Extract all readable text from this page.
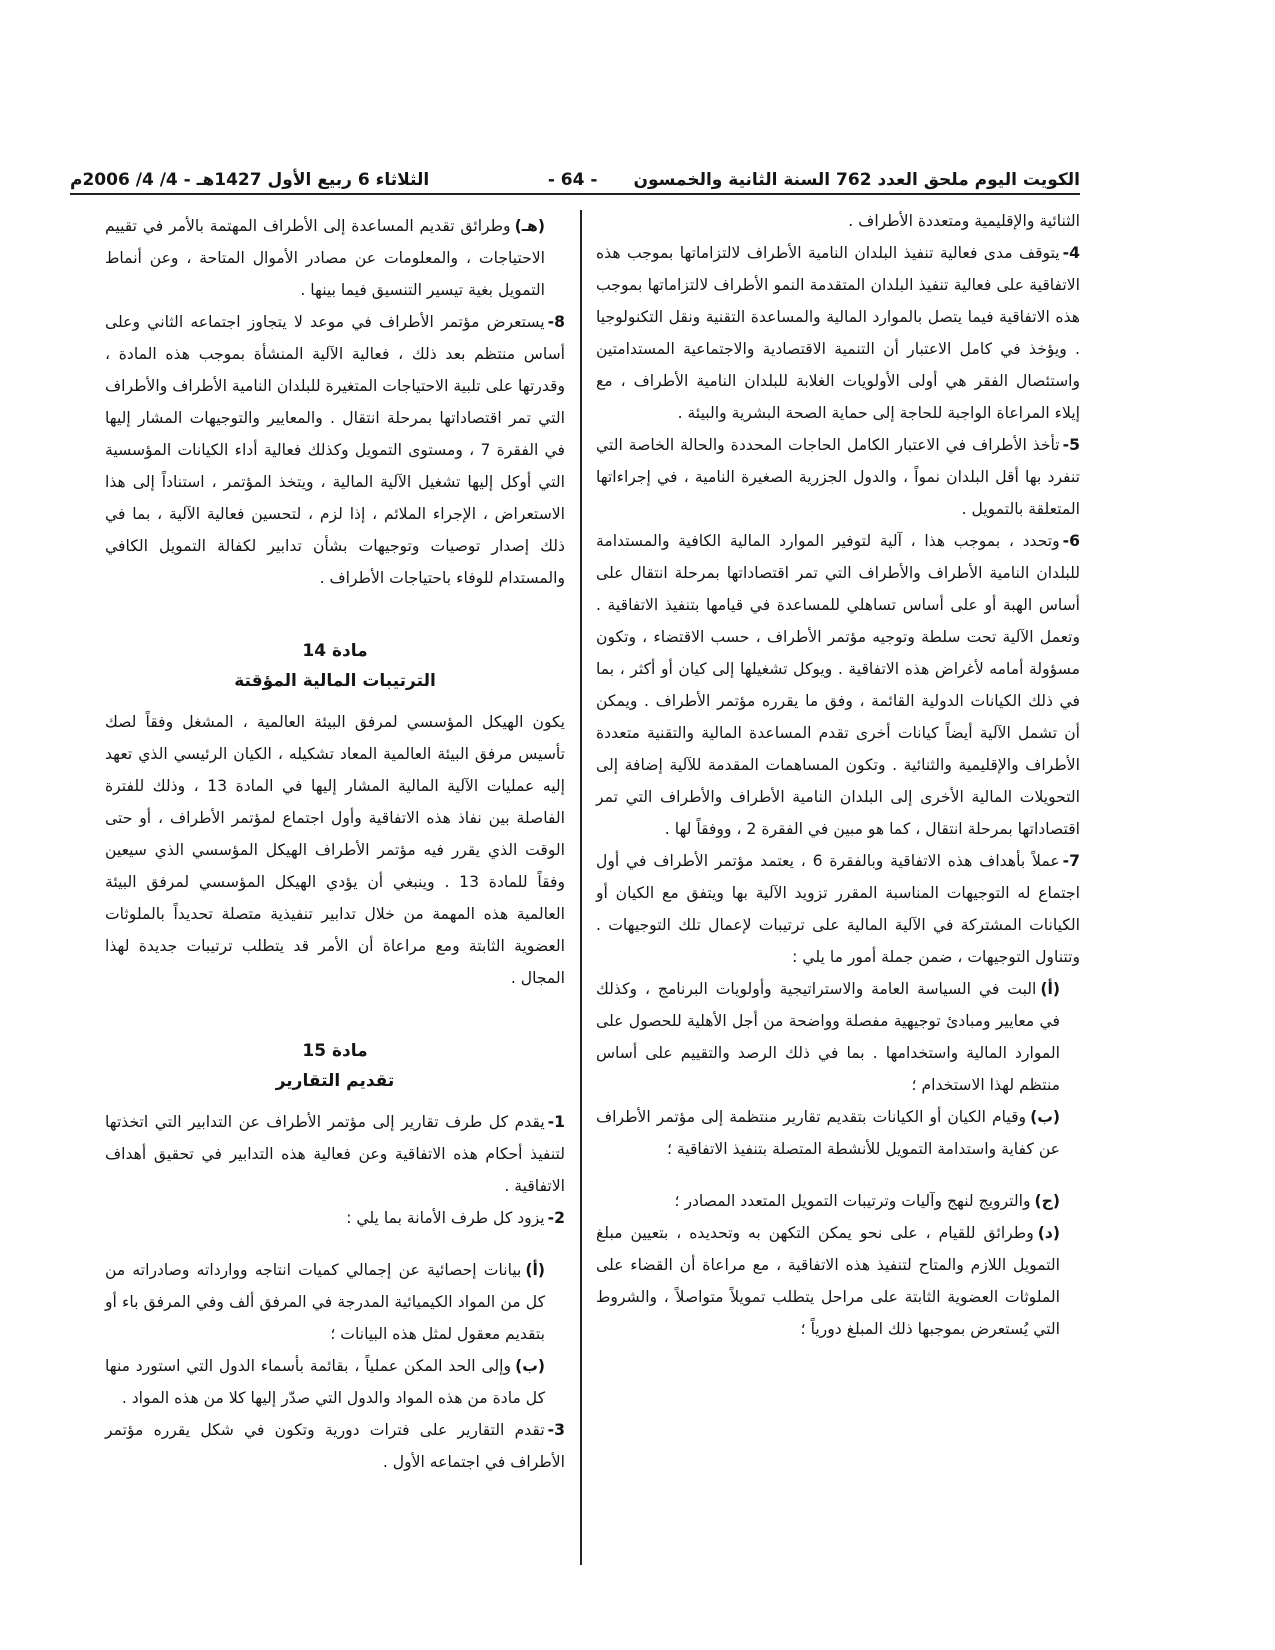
الكويت اليوم ملحق العدد 762 السنة الثانية والخمسون
- 64 -
الثلاثاء 6 ربيع الأول 1427هـ - 4/ 4/ 2006م

الثنائية والإقليمية ومتعددة الأطراف .

4-يتوقف مدى فعالية تنفيذ البلدان النامية الأطراف لالتزاماتها بموجب هذه الاتفاقية على فعالية تنفيذ البلدان المتقدمة النمو الأطراف لالتزاماتها بموجب هذه الاتفاقية فيما يتصل بالموارد المالية والمساعدة التقنية ونقل التكنولوجيا . ويؤخذ في كامل الاعتبار أن التنمية الاقتصادية والاجتماعية المستدامتين واستئصال الفقر هي أولى الأولويات الغلابة للبلدان النامية الأطراف ، مع إيلاء المراعاة الواجبة للحاجة إلى حماية الصحة البشرية والبيئة .

5-تأخذ الأطراف في الاعتبار الكامل الحاجات المحددة والحالة الخاصة التي تنفرد بها أقل البلدان نمواً ، والدول الجزرية الصغيرة النامية ، في إجراءاتها المتعلقة بالتمويل .

6-وتحدد ، بموجب هذا ، آلية لتوفير الموارد المالية الكافية والمستدامة للبلدان النامية الأطراف والأطراف التي تمر اقتصاداتها بمرحلة انتقال على أساس الهبة أو على أساس تساهلي للمساعدة في قيامها بتنفيذ الاتفاقية . وتعمل الآلية تحت سلطة وتوجيه مؤتمر الأطراف ، حسب الاقتضاء ، وتكون مسؤولة أمامه لأغراض هذه الاتفاقية . ويوكل تشغيلها إلى كيان أو أكثر ، بما في ذلك الكيانات الدولية القائمة ، وفق ما يقرره مؤتمر الأطراف . ويمكن أن تشمل الآلية أيضاً كيانات أخرى تقدم المساعدة المالية والتقنية متعددة الأطراف والإقليمية والثنائية . وتكون المساهمات المقدمة للآلية إضافة إلى التحويلات المالية الأخرى إلى البلدان النامية الأطراف والأطراف التي تمر اقتصاداتها بمرحلة انتقال ، كما هو مبين في الفقرة 2 ، ووفقاً لها .

7-عملاً بأهداف هذه الاتفاقية وبالفقرة 6 ، يعتمد مؤتمر الأطراف في أول اجتماع له التوجيهات المناسبة المقرر تزويد الآلية بها ويتفق مع الكيان أو الكيانات المشتركة في الآلية المالية على ترتيبات لإعمال تلك التوجيهات . وتتناول التوجيهات ، ضمن جملة أمور ما يلي :

(أ)البت في السياسة العامة والاستراتيجية وأولويات البرنامج ، وكذلك في معايير ومبادئ توجيهية مفصلة وواضحة من أجل الأهلية للحصول على الموارد المالية واستخدامها . بما في ذلك الرصد والتقييم على أساس منتظم لهذا الاستخدام ؛

(ب)وقيام الكيان أو الكيانات بتقديم تقارير منتظمة إلى مؤتمر الأطراف عن كفاية واستدامة التمويل للأنشطة المتصلة بتنفيذ الاتفاقية ؛

(ج)والترويج لنهج وآليات وترتيبات التمويل المتعدد المصادر ؛

(د)وطرائق للقيام ، على نحو يمكن التكهن به وتحديده ، بتعيين مبلغ التمويل اللازم والمتاح لتنفيذ هذه الاتفاقية ، مع مراعاة أن القضاء على الملوثات العضوية الثابتة على مراحل يتطلب تمويلاً متواصلاً ، والشروط التي يُستعرض بموجبها ذلك المبلغ دورياً ؛

(هـ)وطرائق تقديم المساعدة إلى الأطراف المهتمة بالأمر في تقييم الاحتياجات ، والمعلومات عن مصادر الأموال المتاحة ، وعن أنماط التمويل بغية تيسير التنسيق فيما بينها .

8-يستعرض مؤتمر الأطراف في موعد لا يتجاوز اجتماعه الثاني وعلى أساس منتظم بعد ذلك ، فعالية الآلية المنشأة بموجب هذه المادة ، وقدرتها على تلبية الاحتياجات المتغيرة للبلدان النامية الأطراف والأطراف التي تمر اقتصاداتها بمرحلة انتقال . والمعايير والتوجيهات المشار إليها في الفقرة 7 ، ومستوى التمويل وكذلك فعالية أداء الكيانات المؤسسية التي أوكل إليها تشغيل الآلية المالية ، ويتخذ المؤتمر ، استناداً إلى هذا الاستعراض ، الإجراء الملائم ، إذا لزم ، لتحسين فعالية الآلية ، بما في ذلك إصدار توصيات وتوجيهات بشأن تدابير لكفالة التمويل الكافي والمستدام للوفاء باحتياجات الأطراف .

مادة 14

الترتيبات المالية المؤقتة

يكون الهيكل المؤسسي لمرفق البيئة العالمية ، المشغل وفقاً لصك تأسيس مرفق البيئة العالمية المعاد تشكيله ، الكيان الرئيسي الذي تعهد إليه عمليات الآلية المالية المشار إليها في المادة 13 ، وذلك للفترة الفاصلة بين نفاذ هذه الاتفاقية وأول اجتماع لمؤتمر الأطراف ، أو حتى الوقت الذي يقرر فيه مؤتمر الأطراف الهيكل المؤسسي الذي سيعين وفقاً للمادة 13 . وينبغي أن يؤدي الهيكل المؤسسي لمرفق البيئة العالمية هذه المهمة من خلال تدابير تنفيذية متصلة تحديداً بالملوثات العضوية الثابتة ومع مراعاة أن الأمر قد يتطلب ترتيبات جديدة لهذا المجال .

مادة 15

تقديم التقارير

1-يقدم كل طرف تقارير إلى مؤتمر الأطراف عن التدابير التي اتخذتها لتنفيذ أحكام هذه الاتفاقية وعن فعالية هذه التدابير في تحقيق أهداف الاتفاقية .

2-يزود كل طرف الأمانة بما يلي :

(أ)بيانات إحصائية عن إجمالي كميات انتاجه ووارداته وصادراته من كل من المواد الكيميائية المدرجة في المرفق ألف وفي المرفق باء أو بتقديم معقول لمثل هذه البيانات ؛

(ب)وإلى الحد المكن عملياً ، بقائمة بأسماء الدول التي استورد منها كل مادة من هذه المواد والدول التي صدّر إليها كلا من هذه المواد .

3-تقدم التقارير على فترات دورية وتكون في شكل يقرره مؤتمر الأطراف في اجتماعه الأول .
